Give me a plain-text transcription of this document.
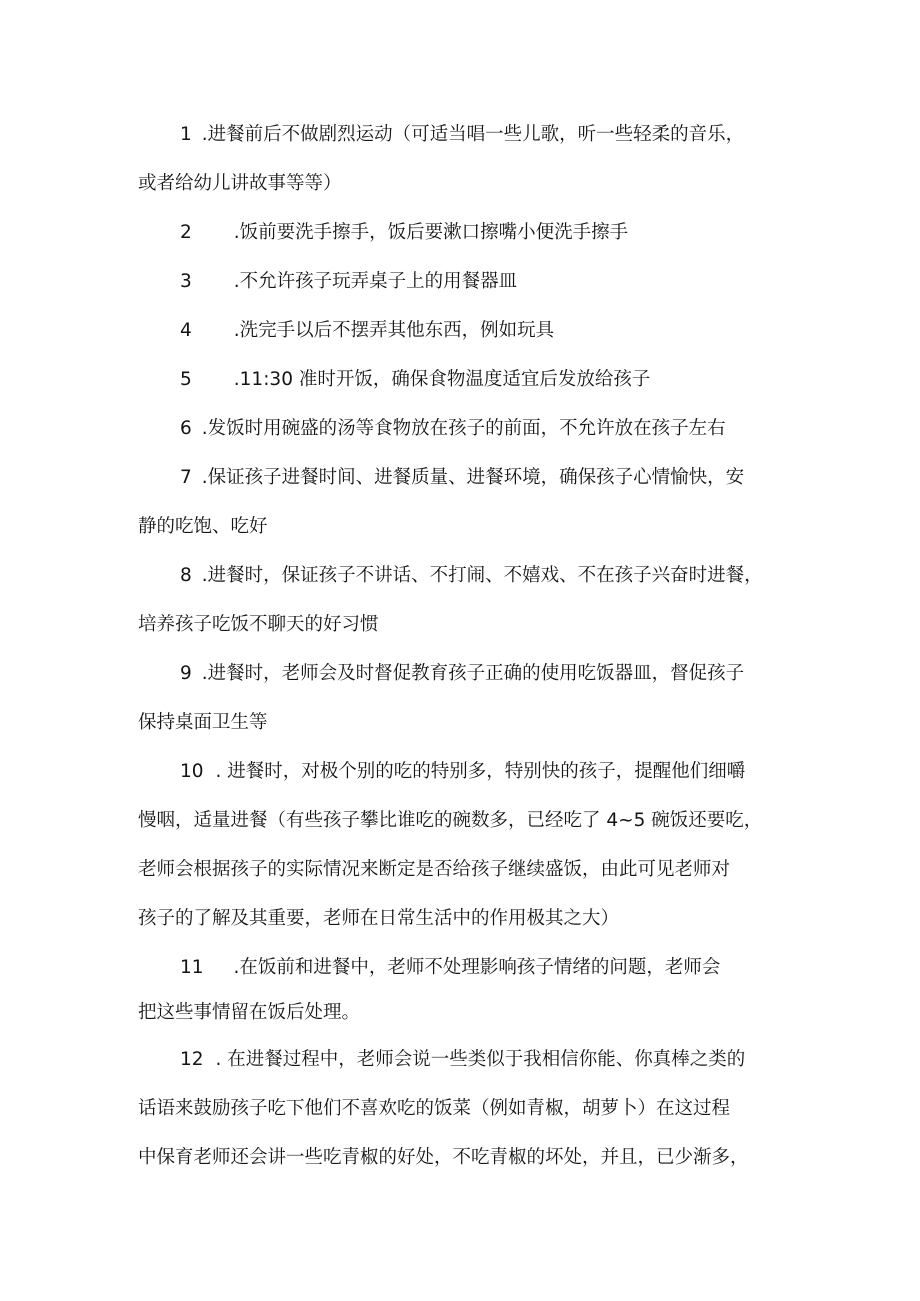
1 .进餐前后不做剧烈运动（可适当唱一些儿歌，听一些轻柔的音乐，
或者给幼儿讲故事等等）
2 .饭前要洗手擦手，饭后要漱口擦嘴小便洗手擦手
3 .不允许孩子玩弄桌子上的用餐器皿
4 .洗完手以后不摆弄其他东西，例如玩具
5 .11:30 准时开饭，确保食物温度适宜后发放给孩子
6 .发饭时用碗盛的汤等食物放在孩子的前面，不允许放在孩子左右
7 .保证孩子进餐时间、进餐质量、进餐环境，确保孩子心情愉快，安
静的吃饱、吃好
8 .进餐时，保证孩子不讲话、不打闹、不嬉戏、不在孩子兴奋时进餐，
培养孩子吃饭不聊天的好习惯
9 .进餐时，老师会及时督促教育孩子正确的使用吃饭器皿，督促孩子
保持桌面卫生等
10 . 进餐时，对极个别的吃的特别多，特别快的孩子，提醒他们细嚼
慢咽，适量进餐（有些孩子攀比谁吃的碗数多，已经吃了 4~5 碗饭还要吃，
老师会根据孩子的实际情况来断定是否给孩子继续盛饭，由此可见老师对
孩子的了解及其重要，老师在日常生活中的作用极其之大）
11 .在饭前和进餐中，老师不处理影响孩子情绪的问题，老师会
把这些事情留在饭后处理。
12 . 在进餐过程中，老师会说一些类似于我相信你能、你真棒之类的
话语来鼓励孩子吃下他们不喜欢吃的饭菜（例如青椒，胡萝卜）在这过程
中保育老师还会讲一些吃青椒的好处，不吃青椒的坏处，并且，已少渐多，
